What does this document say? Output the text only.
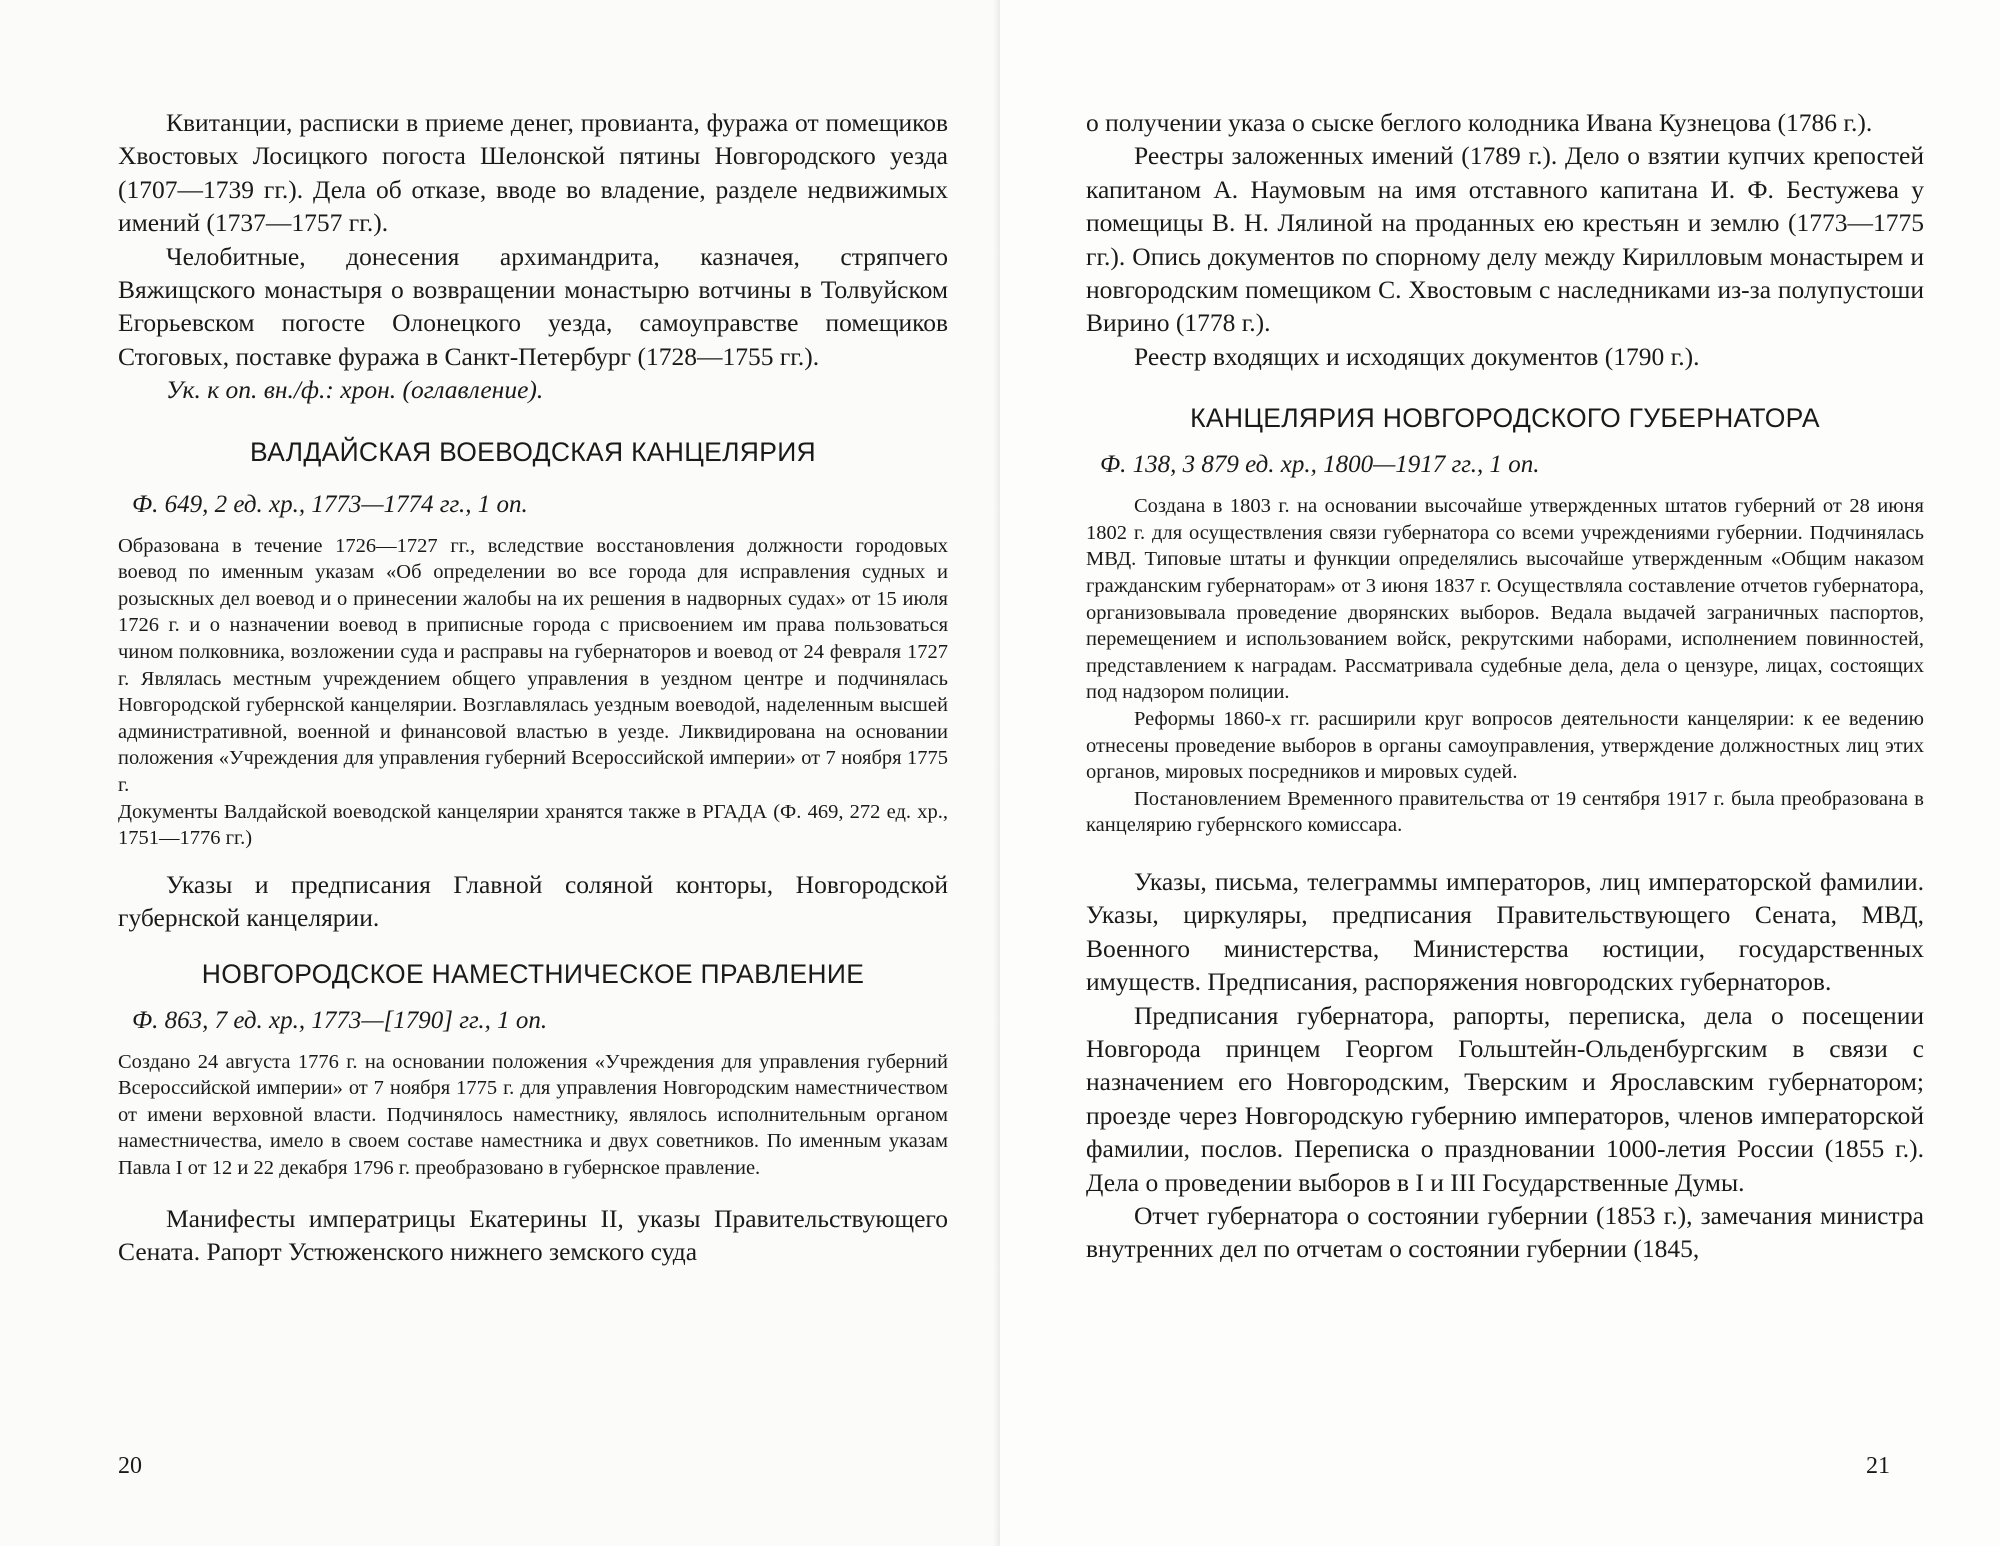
Квитанции, расписки в приеме денег, провианта, фуража от помещиков Хвостовых Лосицкого погоста Шелонской пятины Новгородского уезда (1707—1739 гг.). Дела об отказе, вводе во владение, разделе недвижимых имений (1737—1757 гг.).

Челобитные, донесения архимандрита, казначея, стряпчего Вяжищского монастыря о возвращении монастырю вотчины в Толвуйском Егорьевском погосте Олонецкого уезда, самоуправстве помещиков Стоговых, поставке фуража в Санкт-Петербург (1728—1755 гг.).

Ук. к оп. вн./ф.: хрон. (оглавление).

ВАЛДАЙСКАЯ ВОЕВОДСКАЯ КАНЦЕЛЯРИЯ

Ф. 649, 2 ед. хр., 1773—1774 гг., 1 оп.

Образована в течение 1726—1727 гг., вследствие восстановления должности городовых воевод по именным указам «Об определении во все города для исправления судных и розыскных дел воевод и о принесении жалобы на их решения в надворных судах» от 15 июля 1726 г. и о назначении воевод в приписные города с присвоением им права пользоваться чином полковника, возложении суда и расправы на губернаторов и воевод от 24 февраля 1727 г. Являлась местным учреждением общего управления в уездном центре и подчинялась Новгородской губернской канцелярии. Возглавлялась уездным воеводой, наделенным высшей административной, военной и финансовой властью в уезде. Ликвидирована на основании положения «Учреждения для управления губерний Всероссийской империи» от 7 ноября 1775 г.

Документы Валдайской воеводской канцелярии хранятся также в РГАДА (Ф. 469, 272 ед. хр., 1751—1776 гг.)

Указы и предписания Главной соляной конторы, Новгородской губернской канцелярии.

НОВГОРОДСКОЕ НАМЕСТНИЧЕСКОЕ ПРАВЛЕНИЕ

Ф. 863, 7 ед. хр., 1773—[1790] гг., 1 оп.

Создано 24 августа 1776 г. на основании положения «Учреждения для управления губерний Всероссийской империи» от 7 ноября 1775 г. для управления Новгородским наместничеством от имени верховной власти. Подчинялось наместнику, являлось исполнительным органом наместничества, имело в своем составе наместника и двух советников. По именным указам Павла I от 12 и 22 декабря 1796 г. преобразовано в губернское правление.

Манифесты императрицы Екатерины II, указы Правительствующего Сената. Рапорт Устюженского нижнего земского суда

20

о получении указа о сыске беглого колодника Ивана Кузнецова (1786 г.).

Реестры заложенных имений (1789 г.). Дело о взятии купчих крепостей капитаном А. Наумовым на имя отставного капитана И. Ф. Бестужева у помещицы В. Н. Лялиной на проданных ею крестьян и землю (1773—1775 гг.). Опись документов по спорному делу между Кирилловым монастырем и новгородским помещиком С. Хвостовым с наследниками из-за полупустоши Вирино (1778 г.).

Реестр входящих и исходящих документов (1790 г.).

КАНЦЕЛЯРИЯ НОВГОРОДСКОГО ГУБЕРНАТОРА

Ф. 138, 3 879 ед. хр., 1800—1917 гг., 1 оп.

Создана в 1803 г. на основании высочайше утвержденных штатов губерний от 28 июня 1802 г. для осуществления связи губернатора со всеми учреждениями губернии. Подчинялась МВД. Типовые штаты и функции определялись высочайше утвержденным «Общим наказом гражданским губернаторам» от 3 июня 1837 г. Осуществляла составление отчетов губернатора, организовывала проведение дворянских выборов. Ведала выдачей заграничных паспортов, перемещением и использованием войск, рекрутскими наборами, исполнением повинностей, представлением к наградам. Рассматривала судебные дела, дела о цензуре, лицах, состоящих под надзором полиции.

Реформы 1860-х гг. расширили круг вопросов деятельности канцелярии: к ее ведению отнесены проведение выборов в органы самоуправления, утверждение должностных лиц этих органов, мировых посредников и мировых судей.

Постановлением Временного правительства от 19 сентября 1917 г. была преобразована в канцелярию губернского комиссара.

Указы, письма, телеграммы императоров, лиц императорской фамилии. Указы, циркуляры, предписания Правительствующего Сената, МВД, Военного министерства, Министерства юстиции, государственных имуществ. Предписания, распоряжения новгородских губернаторов.

Предписания губернатора, рапорты, переписка, дела о посещении Новгорода принцем Георгом Гольштейн-Ольденбургским в связи с назначением его Новгородским, Тверским и Ярославским губернатором; проезде через Новгородскую губернию императоров, членов императорской фамилии, послов. Переписка о праздновании 1000-летия России (1855 г.). Дела о проведении выборов в I и III Государственные Думы.

Отчет губернатора о состоянии губернии (1853 г.), замечания министра внутренних дел по отчетам о состоянии губернии (1845,

21
